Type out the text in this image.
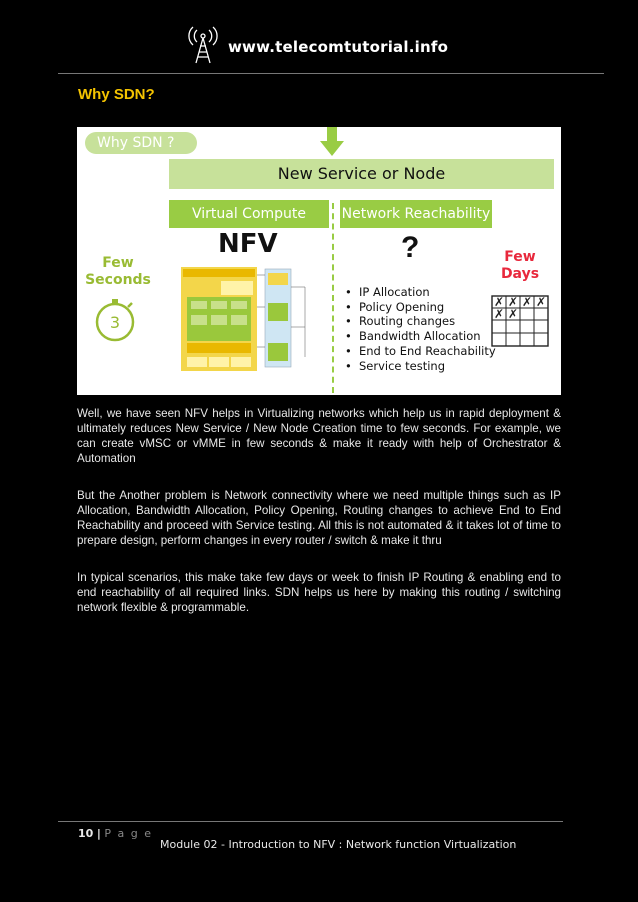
www.telecomtutorial.info
Why SDN?
Why SDN ?
New Service or Node
Virtual Compute	Network Reachability
NFV	?
Few Seconds
Few Days
3
• IP Allocation
• Policy Opening
• Routing changes
• Bandwidth Allocation
• End to End Reachability
• Service testing
✗ ✗ ✗ ✗
✗ ✗

Well, we have seen NFV helps in Virtualizing networks which help us in rapid deployment & ultimately reduces New Service / New Node Creation time to few seconds. For example, we can create vMSC or vMME in few seconds & make it ready with help of Orchestrator & Automation

But the Another problem is Network connectivity where we need multiple things such as IP Allocation, Bandwidth Allocation, Policy Opening, Routing changes to achieve End to End Reachability and proceed with Service testing. All this is not automated & it takes lot of time to prepare design, perform changes in every router / switch & make it thru

In typical scenarios, this make take few days or week to finish IP Routing & enabling end to end reachability of all required links. SDN helps us here by making this routing / switching network flexible & programmable.

10 | P a g e
Module 02 - Introduction to NFV : Network function Virtualization
